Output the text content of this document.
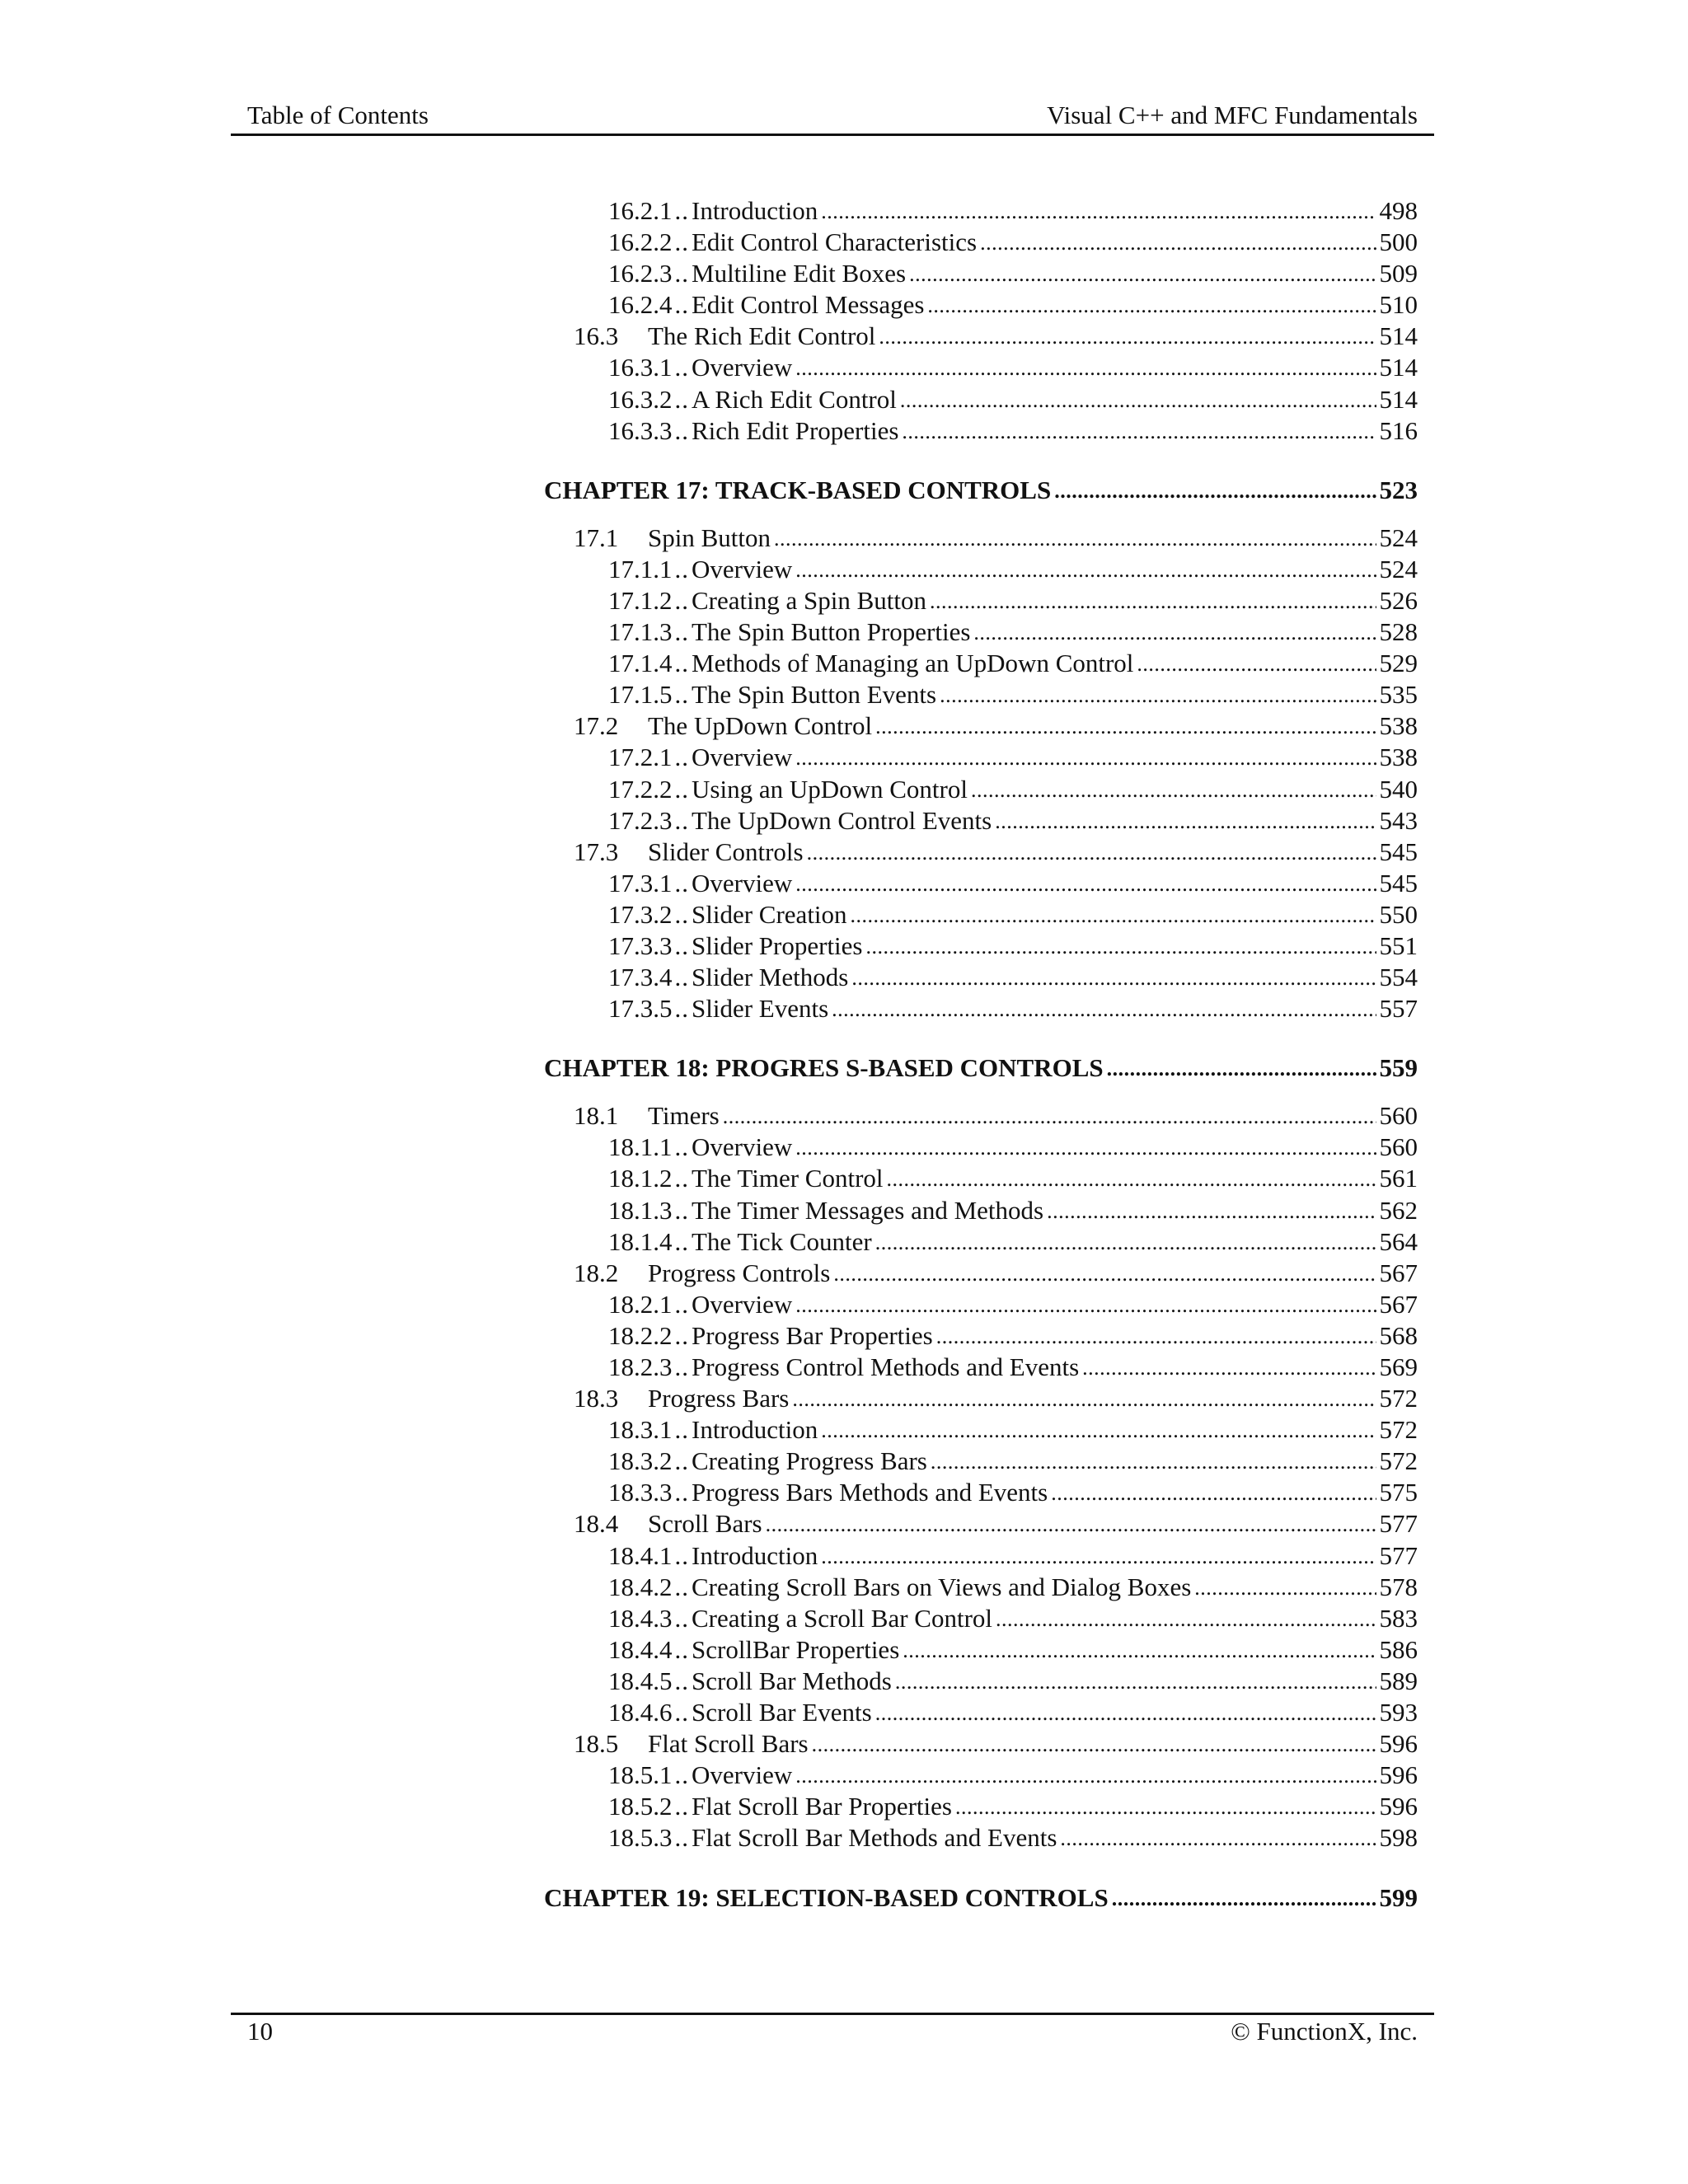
Table of Contents	Visual C++ and MFC Fundamentals
16.2.1 .. Introduction . . .	498
16.2.2 .. Edit Control Characteristics . . .	500
16.2.3 .. Multiline Edit Boxes . . .	509
16.2.4 .. Edit Control Messages . . .	510
16.3	The Rich Edit Control . . .	514
16.3.1 .. Overview . . .	514
16.3.2 .. A Rich Edit Control . . .	514
16.3.3 .. Rich Edit Properties . . .	516
CHAPTER 17: TRACK-BASED CONTROLS . . .	523
17.1	Spin Button . . .	524
17.1.1 .. Overview . . .	524
17.1.2 .. Creating a Spin Button . . .	526
17.1.3 .. The Spin Button Properties . . .	528
17.1.4 .. Methods of Managing an UpDown Control . . .	529
17.1.5 .. The Spin Button Events . . .	535
17.2	The UpDown Control . . .	538
17.2.1 .. Overview . . .	538
17.2.2 .. Using an UpDown Control . . .	540
17.2.3 .. The UpDown Control Events . . .	543
17.3	Slider Controls . . .	545
17.3.1 .. Overview . . .	545
17.3.2 .. Slider Creation . . .	550
17.3.3 .. Slider Properties . . .	551
17.3.4 .. Slider Methods . . .	554
17.3.5 .. Slider Events . . .	557
CHAPTER 18: PROGRES S-BASED CONTROLS . . .	559
18.1	Timers . . .	560
18.1.1 .. Overview . . .	560
18.1.2 .. The Timer Control . . .	561
18.1.3 .. The Timer Messages and Methods . . .	562
18.1.4 .. The Tick Counter . . .	564
18.2	Progress Controls . . .	567
18.2.1 .. Overview . . .	567
18.2.2 .. Progress Bar Properties . . .	568
18.2.3 .. Progress Control Methods and Events . . .	569
18.3	Progress Bars . . .	572
18.3.1 .. Introduction . . .	572
18.3.2 .. Creating Progress Bars . . .	572
18.3.3 .. Progress Bars Methods and Events . . .	575
18.4	Scroll Bars . . .	577
18.4.1 .. Introduction . . .	577
18.4.2 .. Creating Scroll Bars on Views and Dialog Boxes . . .	578
18.4.3 .. Creating a Scroll Bar Control . . .	583
18.4.4 .. ScrollBar Properties . . .	586
18.4.5 .. Scroll Bar Methods . . .	589
18.4.6 .. Scroll Bar Events . . .	593
18.5	Flat Scroll Bars . . .	596
18.5.1 .. Overview . . .	596
18.5.2 .. Flat Scroll Bar Properties . . .	596
18.5.3 .. Flat Scroll Bar Methods and Events . . .	598
CHAPTER 19: SELECTION-BASED CONTROLS . . .	599
10	© FunctionX, Inc.
